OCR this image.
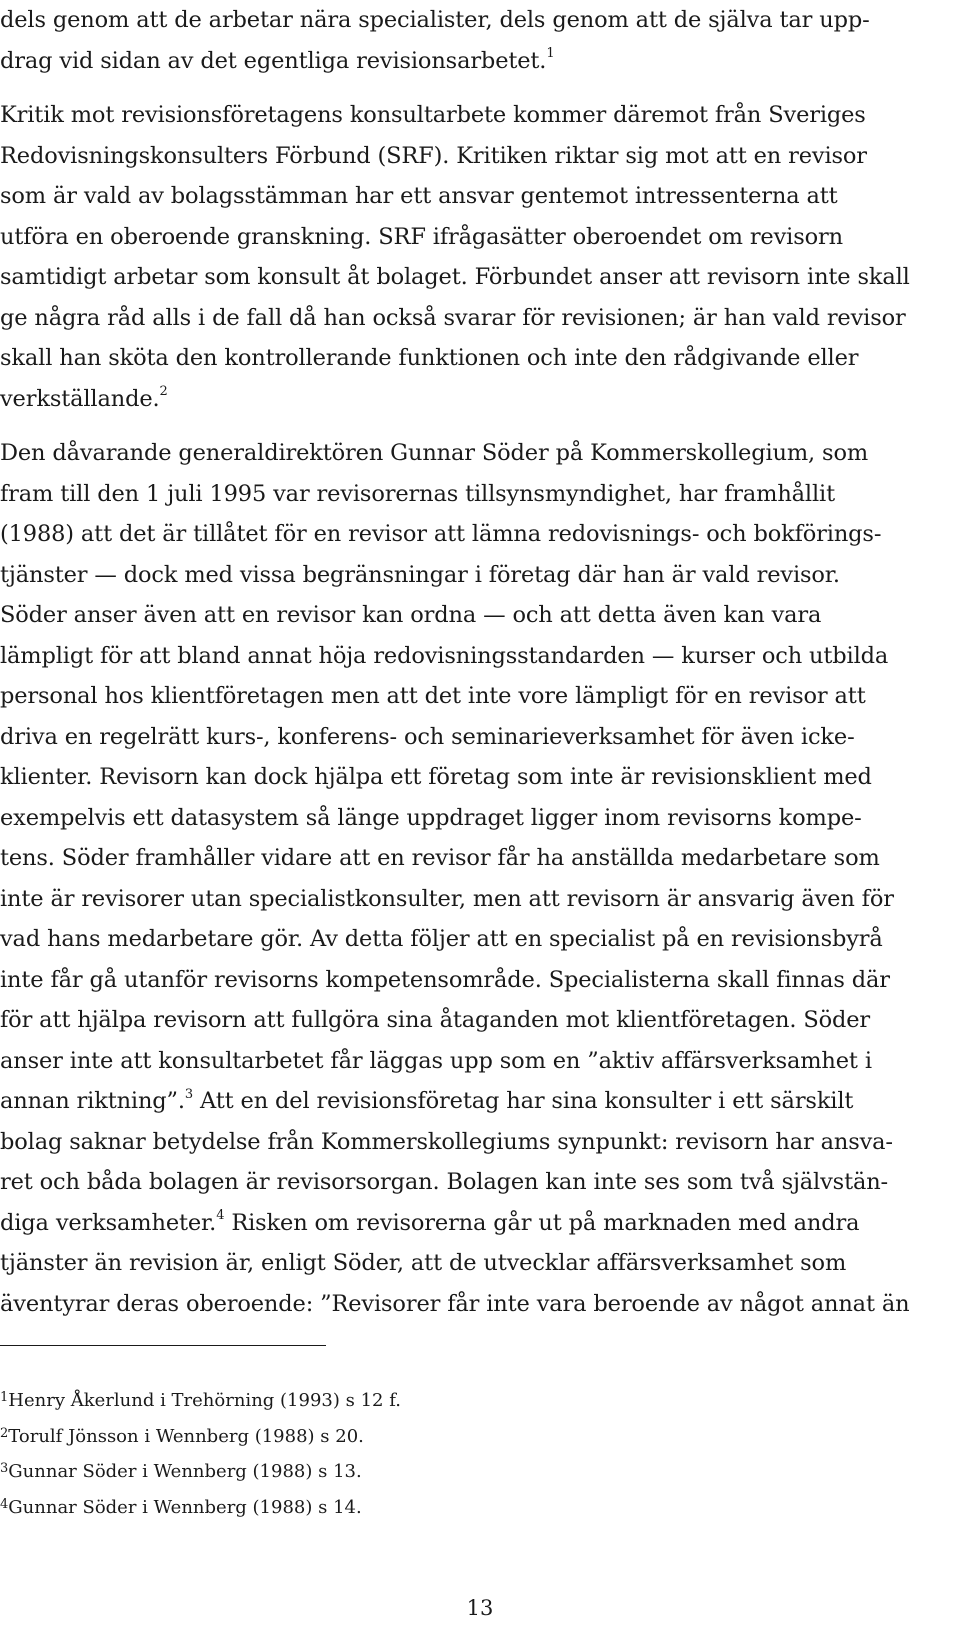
dels genom att de arbetar nära specialister, dels genom att de själva tar upp-
drag vid sidan av det egentliga revisionsarbetet.$^1$
Kritik mot revisionsföretagens konsultarbete kommer däremot från Sveriges
Redovisningskonsulters Förbund (SRF). Kritiken riktar sig mot att en revisor
som är vald av bolagsstämman har ett ansvar gentemot intressenterna att
utföra en oberoende granskning. SRF ifrågasätter oberoendet om revisorn
samtidigt arbetar som konsult åt bolaget. Förbundet anser att revisorn inte skall
ge några råd alls i de fall då han också svarar för revisionen; är han vald revisor
skall han sköta den kontrollerande funktionen och inte den rådgivande eller
verkställande.$^2$
Den dåvarande generaldirektören Gunnar Söder på Kommerskollegium, som
fram till den 1 juli 1995 var revisorernas tillsynsmyndighet, har framhållit
(1988) att det är tillåtet för en revisor att lämna redovisnings- och bokförings-
tjänster — dock med vissa begränsningar i företag där han är vald revisor.
Söder anser även att en revisor kan ordna — och att detta även kan vara
lämpligt för att bland annat höja redovisningsstandarden — kurser och utbilda
personal hos klientföretagen men att det inte vore lämpligt för en revisor att
driva en regelrätt kurs-, konferens- och seminarieverksamhet för även icke-
klienter. Revisorn kan dock hjälpa ett företag som inte är revisionsklient med
exempelvis ett datasystem så länge uppdraget ligger inom revisorns kompe-
tens. Söder framhåller vidare att en revisor får ha anställda medarbetare som
inte är revisorer utan specialistkonsulter, men att revisorn är ansvarig även för
vad hans medarbetare gör. Av detta följer att en specialist på en revisionsbyrå
inte får gå utanför revisorns kompetensområde. Specialisterna skall finnas där
för att hjälpa revisorn att fullgöra sina åtaganden mot klientföretagen. Söder
anser inte att konsultarbetet får läggas upp som en ”aktiv affärsverksamhet i
annan riktning”.$^3$ Att en del revisionsföretag har sina konsulter i ett särskilt
bolag saknar betydelse från Kommerskollegiums synpunkt: revisorn har ansva-
ret och båda bolagen är revisorsorgan. Bolagen kan inte ses som två självstän-
diga verksamheter.$^4$ Risken om revisorerna går ut på marknaden med andra
tjänster än revision är, enligt Söder, att de utvecklar affärsverksamhet som
äventyrar deras oberoende: ”Revisorer får inte vara beroende av något annat än
$^1$Henry Åkerlund i Trehörning (1993) s 12 f.
$^2$Torulf Jönsson i Wennberg (1988) s 20.
$^3$Gunnar Söder i Wennberg (1988) s 13.
$^4$Gunnar Söder i Wennberg (1988) s 14.
13
